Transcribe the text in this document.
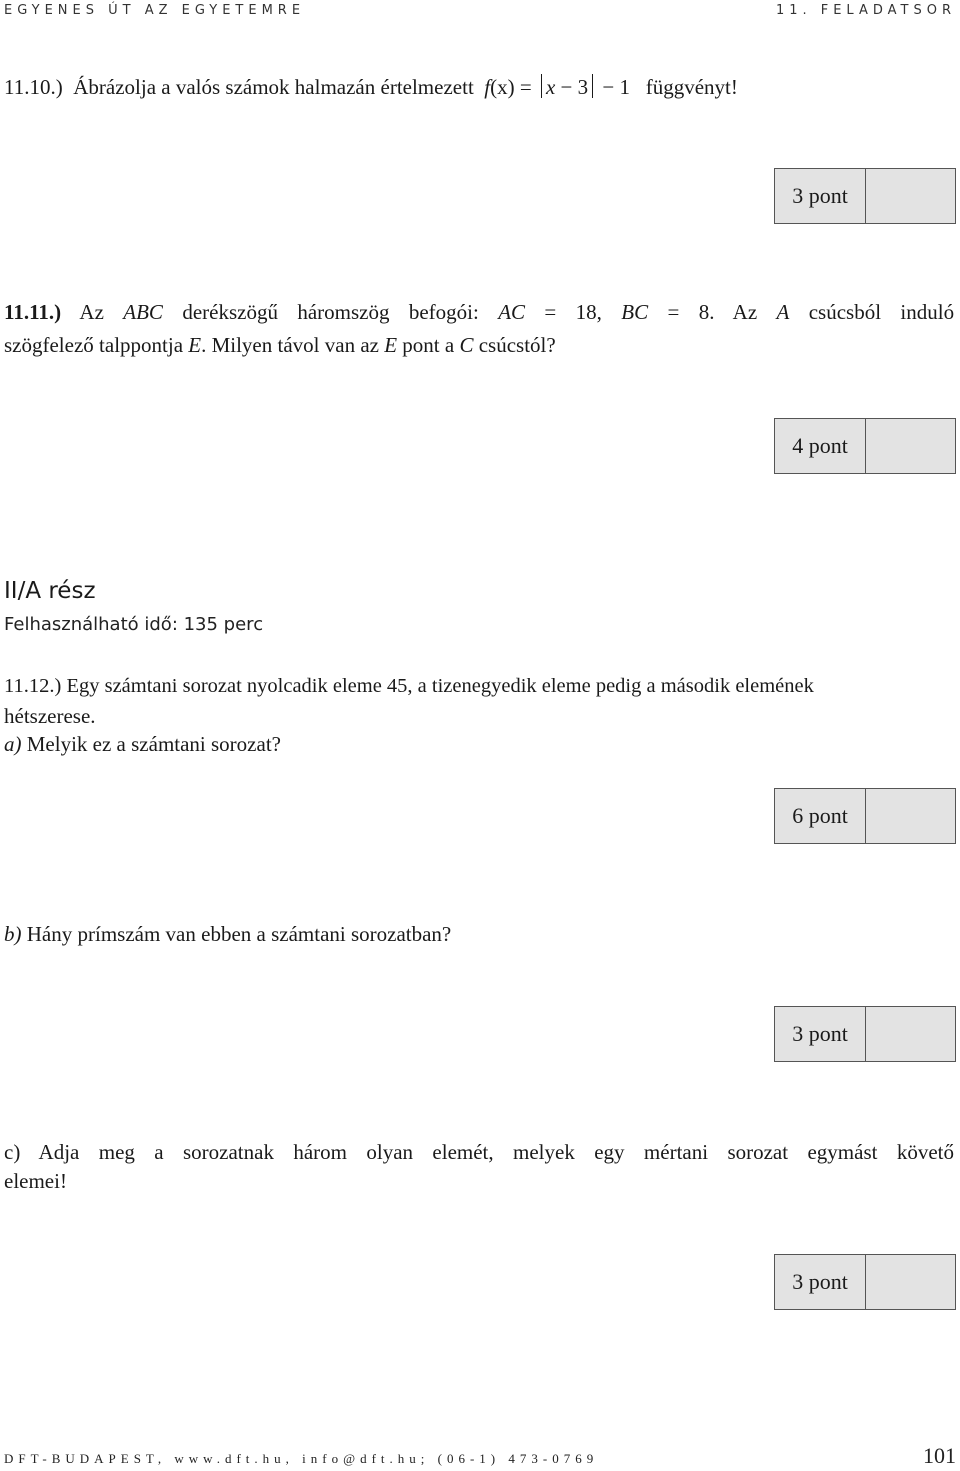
EGYENES ÚT AZ EGYETEMRE	11. FELADATSOR
11.10.) Ábrázolja a valós számok halmazán értelmezett f(x) = x − 3 − 1 függvényt!
3 pont
11.11.) Az ABC derékszögű háromszög befogói: AC = 18, BC = 8. Az A csúcsból induló
szögfelező talppontja E. Milyen távol van az E pont a C csúcstól?
4 pont
II/A rész
Felhasználható idő: 135 perc
11.12.) Egy számtani sorozat nyolcadik eleme 45, a tizenegyedik eleme pedig a második elemének
hétszerese.
a) Melyik ez a számtani sorozat?
6 pont
b) Hány prímszám van ebben a számtani sorozatban?
3 pont
c) Adja meg a sorozatnak három olyan elemét, melyek egy mértani sorozat egymást követő
elemei!
3 pont
DFT-BUDAPEST, www.dft.hu, info@dft.hu; (06-1) 473-0769	101
